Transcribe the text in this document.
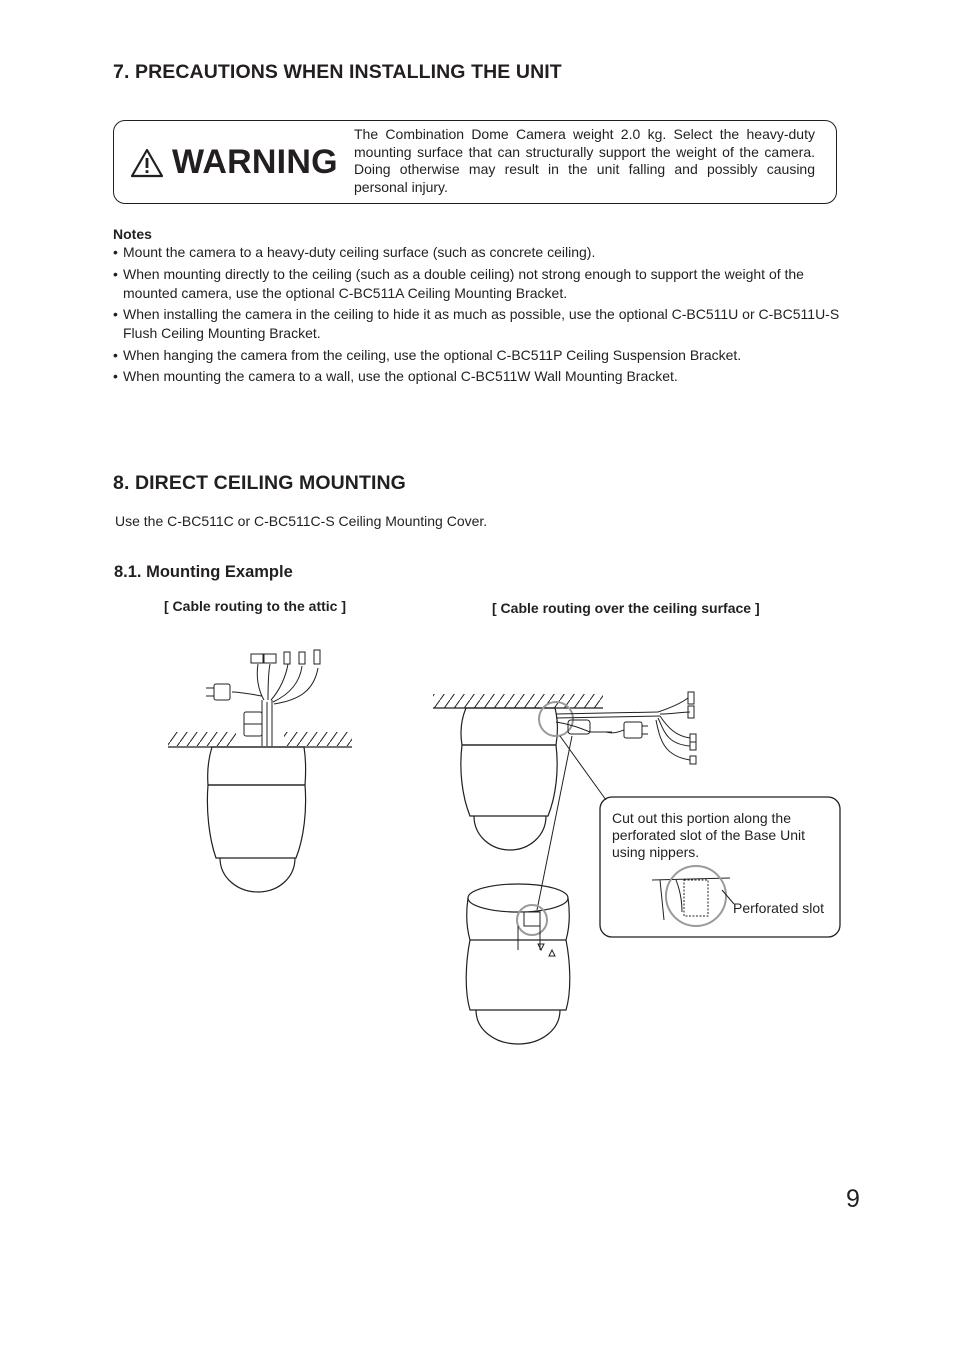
7. PRECAUTIONS WHEN INSTALLING THE UNIT
WARNING
The Combination Dome Camera weight 2.0 kg. Select the heavy-duty mounting surface that can structurally support the weight of the camera. Doing otherwise may result in the unit falling and possibly causing personal injury.
Notes
• Mount the camera to a heavy-duty ceiling surface (such as concrete ceiling).
• When mounting directly to the ceiling (such as a double ceiling) not strong enough to support the weight of the mounted camera, use the optional C-BC511A Ceiling Mounting Bracket.
• When installing the camera in the ceiling to hide it as much as possible, use the optional C-BC511U or C-BC511U-S Flush Ceiling Mounting Bracket.
• When hanging the camera from the ceiling, use the optional C-BC511P Ceiling Suspension Bracket.
• When mounting the camera to a wall, use the optional C-BC511W Wall Mounting Bracket.
8. DIRECT CEILING MOUNTING
Use the C-BC511C or C-BC511C-S Ceiling Mounting Cover.
8.1. Mounting Example
[ Cable routing to the attic ]	[ Cable routing over the ceiling surface ]
Cut out this portion along the perforated slot of the Base Unit using nippers.
Perforated slot
9
